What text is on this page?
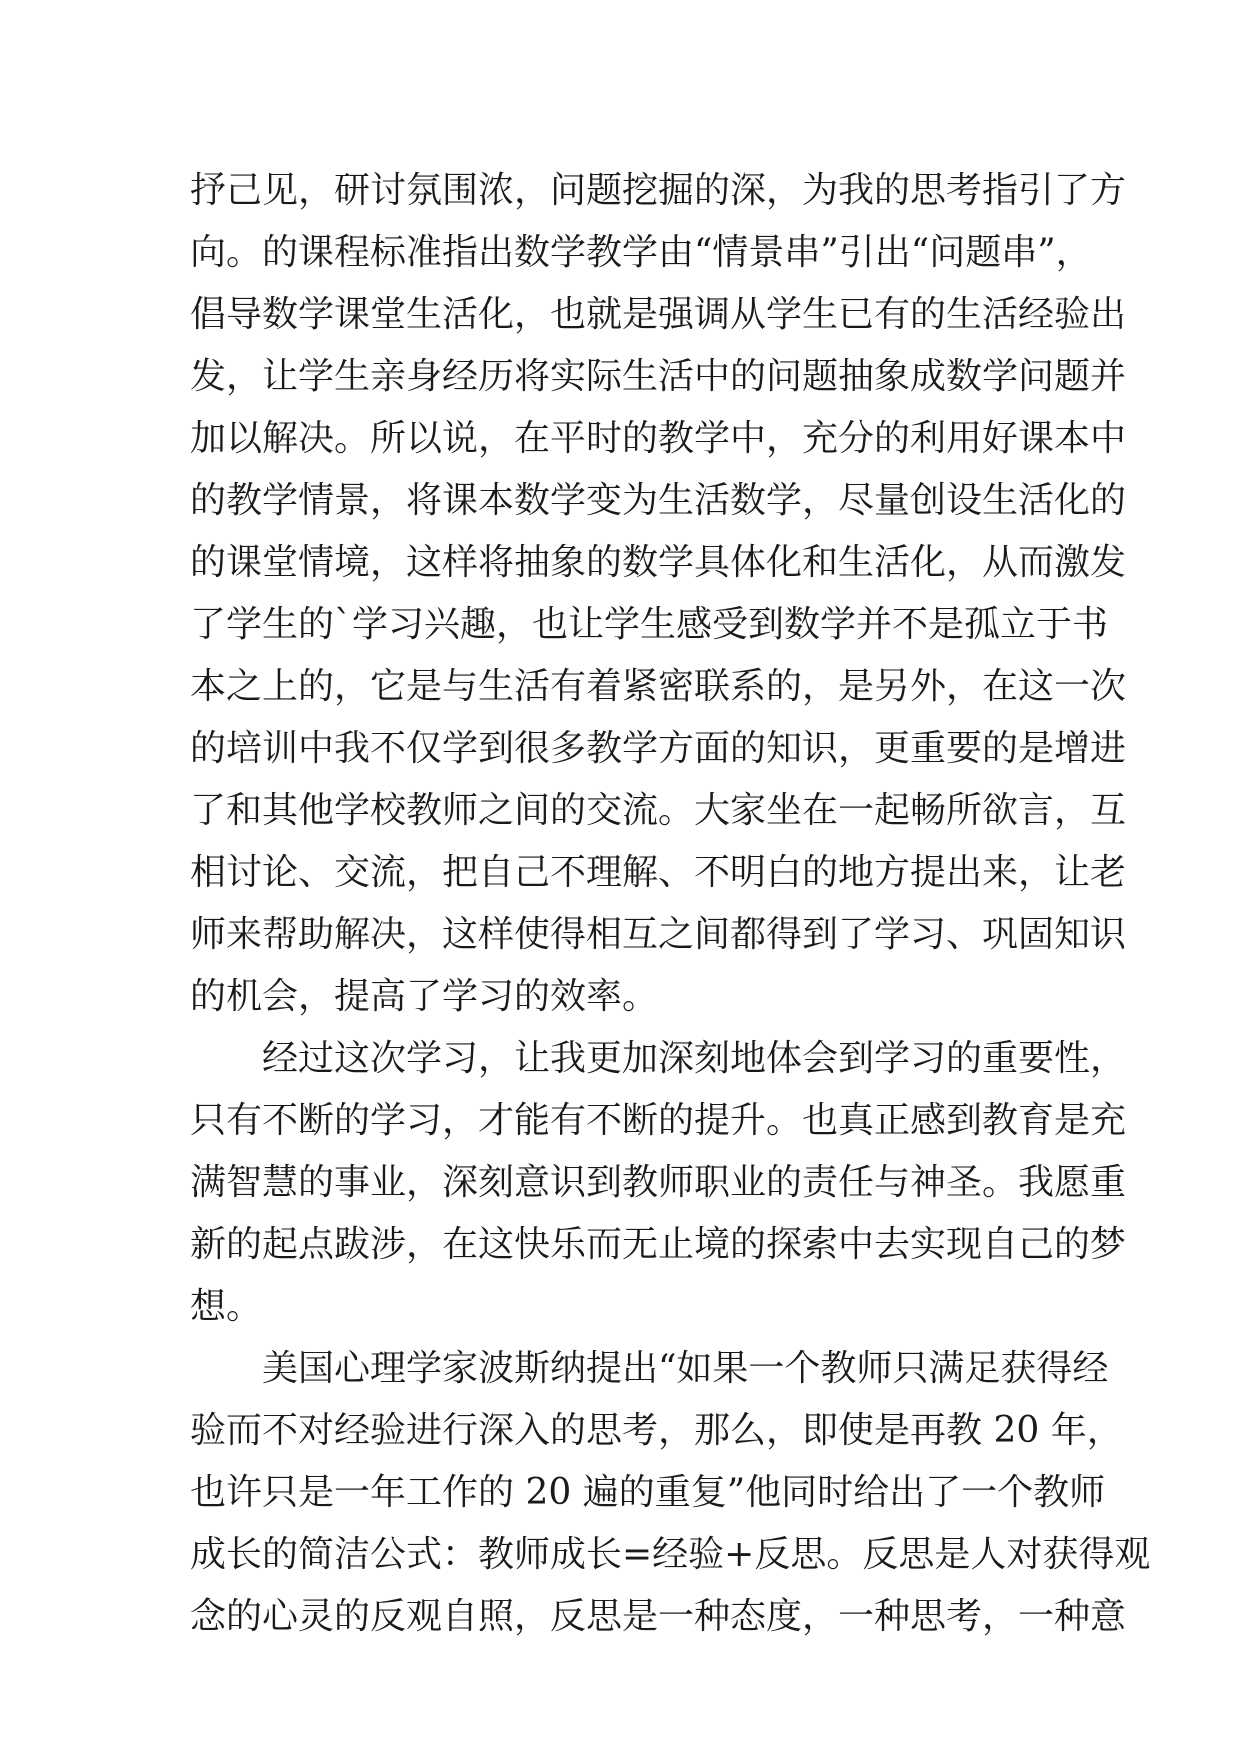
抒己见，研讨氛围浓，问题挖掘的深，为我的思考指引了方
向。的课程标准指出数学教学由“情景串”引出“问题串”，
倡导数学课堂生活化，也就是强调从学生已有的生活经验出
发，让学生亲身经历将实际生活中的问题抽象成数学问题并
加以解决。所以说，在平时的教学中，充分的利用好课本中
的教学情景，将课本数学变为生活数学，尽量创设生活化的
的课堂情境，这样将抽象的数学具体化和生活化，从而激发
了学生的`学习兴趣，也让学生感受到数学并不是孤立于书
本之上的，它是与生活有着紧密联系的，是另外，在这一次
的培训中我不仅学到很多教学方面的知识，更重要的是增进
了和其他学校教师之间的交流。大家坐在一起畅所欲言，互
相讨论、交流，把自己不理解、不明白的地方提出来，让老
师来帮助解决，这样使得相互之间都得到了学习、巩固知识
的机会，提高了学习的效率。
经过这次学习，让我更加深刻地体会到学习的重要性，
只有不断的学习，才能有不断的提升。也真正感到教育是充
满智慧的事业，深刻意识到教师职业的责任与神圣。我愿重
新的起点跋涉，在这快乐而无止境的探索中去实现自己的梦
想。
美国心理学家波斯纳提出“如果一个教师只满足获得经
验而不对经验进行深入的思考，那么，即使是再教 20 年，
也许只是一年工作的 20 遍的重复”他同时给出了一个教师
成长的简洁公式：教师成长=经验+反思。反思是人对获得观
念的心灵的反观自照，反思是一种态度，一种思考，一种意
